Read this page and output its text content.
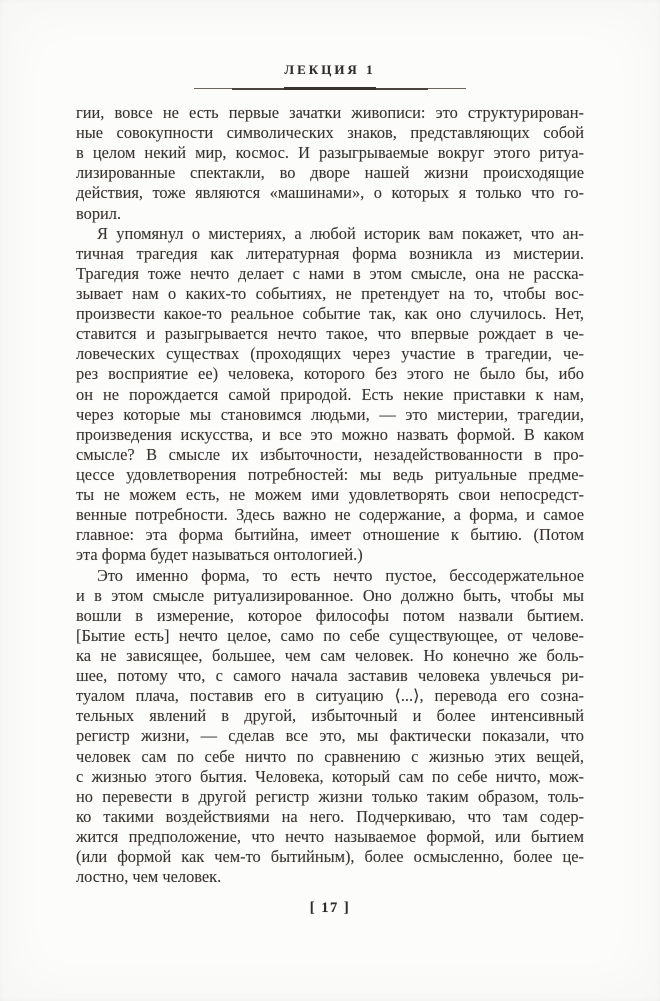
ЛЕКЦИЯ 1
гии, вовсе не есть первые зачатки живописи: это структурирован-
ные совокупности символических знаков, представляющих собой
в целом некий мир, космос. И разыгрываемые вокруг этого ритуа-
лизированные спектакли, во дворе нашей жизни происходящие
действия, тоже являются «машинами», о которых я только что го-
ворил.
Я упомянул о мистериях, а любой историк вам покажет, что ан-
тичная трагедия как литературная форма возникла из мистерии.
Трагедия тоже нечто делает с нами в этом смысле, она не расска-
зывает нам о каких-то событиях, не претендует на то, чтобы вос-
произвести какое-то реальное событие так, как оно случилось. Нет,
ставится и разыгрывается нечто такое, что впервые рождает в че-
ловеческих существах (проходящих через участие в трагедии, че-
рез восприятие ее) человека, которого без этого не было бы, ибо
он не порождается самой природой. Есть некие приставки к нам,
через которые мы становимся людьми, — это мистерии, трагедии,
произведения искусства, и все это можно назвать формой. В каком
смысле? В смысле их избыточности, незадействованности в про-
цессе удовлетворения потребностей: мы ведь ритуальные предме-
ты не можем есть, не можем ими удовлетворять свои непосредст-
венные потребности. Здесь важно не содержание, а форма, и самое
главное: эта форма бытийна, имеет отношение к бытию. (Потом
эта форма будет называться онтологией.)
Это именно форма, то есть нечто пустое, бессодержательное
и в этом смысле ритуализированное. Оно должно быть, чтобы мы
вошли в измерение, которое философы потом назвали бытием.
[Бытие есть] нечто целое, само по себе существующее, от челове-
ка не зависящее, большее, чем сам человек. Но конечно же боль-
шее, потому что, с самого начала заставив человека увлечься ри-
туалом плача, поставив его в ситуацию ⟨...⟩, перевода его созна-
тельных явлений в другой, избыточный и более интенсивный
регистр жизни, — сделав все это, мы фактически показали, что
человек сам по себе ничто по сравнению с жизнью этих вещей,
с жизнью этого бытия. Человека, который сам по себе ничто, мож-
но перевести в другой регистр жизни только таким образом, толь-
ко такими воздействиями на него. Подчеркиваю, что там содер-
жится предположение, что нечто называемое формой, или бытием
(или формой как чем-то бытийным), более осмысленно, более це-
лостно, чем человек.
[ 17 ]
